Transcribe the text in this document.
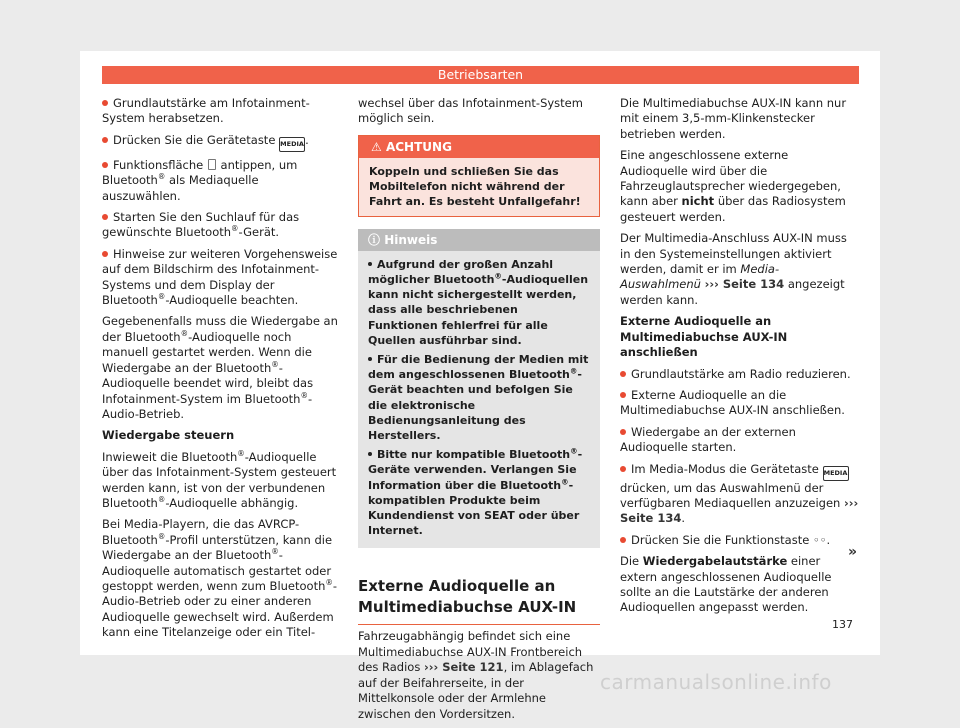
Betriebsarten

Grundlautstärke am Infotainment-System herabsetzen.

Drücken Sie die Gerätetaste MEDIA.

Funktionsfläche antippen, um Bluetooth® als Mediaquelle auszuwählen.

Starten Sie den Suchlauf für das gewünschte Bluetooth®-Gerät.

Hinweise zur weiteren Vorgehensweise auf dem Bildschirm des Infotainment-Systems und dem Display der Bluetooth®-Audioquelle beachten.

Gegebenenfalls muss die Wiedergabe an der Bluetooth®-Audioquelle noch manuell gestartet werden. Wenn die Wiedergabe an der Bluetooth®-Audioquelle beendet wird, bleibt das Infotainment-System im Bluetooth®-Audio-Betrieb.

Wiedergabe steuern

Inwieweit die Bluetooth®-Audioquelle über das Infotainment-System gesteuert werden kann, ist von der verbundenen Bluetooth®-Audioquelle abhängig.

Bei Media-Playern, die das AVRCP-Bluetooth®-Profil unterstützen, kann die Wiedergabe an der Bluetooth®-Audioquelle automatisch gestartet oder gestoppt werden, wenn zum Bluetooth®-Audio-Betrieb oder zu einer anderen Audioquelle gewechselt wird. Außerdem kann eine Titelanzeige oder ein Titel-

wechsel über das Infotainment-System möglich sein.

⚠ ACHTUNG
Koppeln und schließen Sie das Mobiltelefon nicht während der Fahrt an. Es besteht Unfallgefahr!
ⓘ Hinweis

Aufgrund der großen Anzahl möglicher Bluetooth®-Audioquellen kann nicht sichergestellt werden, dass alle beschriebenen Funktionen fehlerfrei für alle Quellen ausführbar sind.

Für die Bedienung der Medien mit dem angeschlossenen Bluetooth®-Gerät beachten und befolgen Sie die elektronische Bedienungsanleitung des Herstellers.

Bitte nur kompatible Bluetooth®-Geräte verwenden. Verlangen Sie Information über die Bluetooth®-kompatiblen Produkte beim Kundendienst von SEAT oder über Internet.

Externe Audioquelle an Multimediabuchse AUX-IN

Fahrzeugabhängig befindet sich eine Multimediabuchse AUX-IN Frontbereich des Radios ››› Seite 121, im Ablagefach auf der Beifahrerseite, in der Mittelkonsole oder der Armlehne zwischen den Vordersitzen.

Die Multimediabuchse AUX-IN kann nur mit einem 3,5-mm-Klinkenstecker betrieben werden.

Eine angeschlossene externe Audioquelle wird über die Fahrzeuglautsprecher wiedergegeben, kann aber nicht über das Radiosystem gesteuert werden.

Der Multimedia-Anschluss AUX-IN muss in den Systemeinstellungen aktiviert werden, damit er im Media-Auswahlmenü ››› Seite 134 angezeigt werden kann.

Externe Audioquelle an Multimediabuchse AUX-IN anschließen

Grundlautstärke am Radio reduzieren.

Externe Audioquelle an die Multimediabuchse AUX-IN anschließen.

Wiedergabe an der externen Audioquelle starten.

Im Media-Modus die Gerätetaste MEDIA drücken, um das Auswahlmenü der verfügbaren Mediaquellen anzuzeigen ››› Seite 134.

Drücken Sie die Funktionstaste ◦◦.

Die Wiedergabelautstärke einer extern angeschlossenen Audioquelle sollte an die Lautstärke der anderen Audioquellen angepasst werden.

»
137
carmanualsonline.info
